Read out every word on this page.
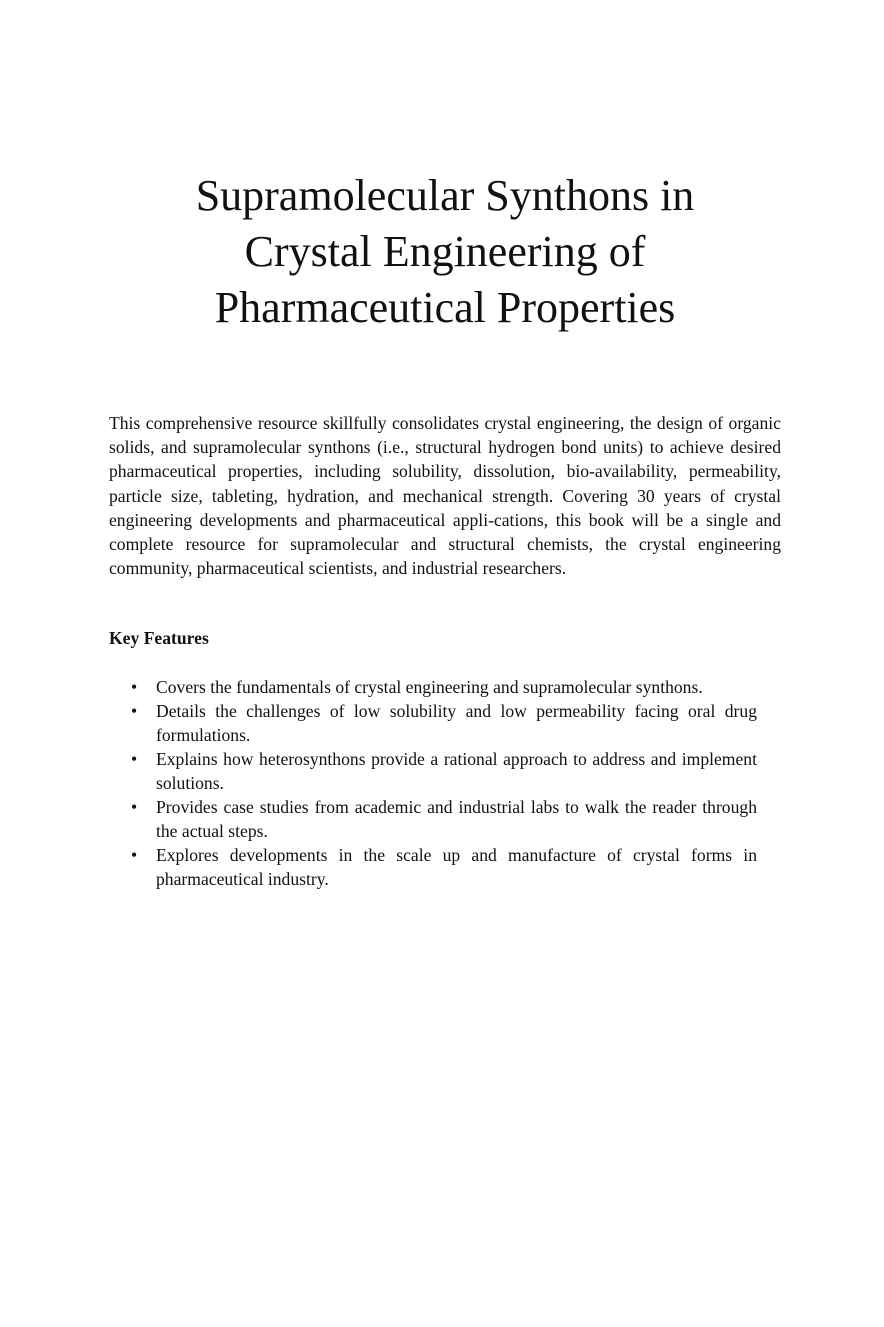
Supramolecular Synthons in
Crystal Engineering of
Pharmaceutical Properties

This comprehensive resource skillfully consolidates crystal engineering, the design of organic solids, and supramolecular synthons (i.e., structural hydrogen bond units) to achieve desired pharmaceutical properties, including solubility, dissolution, bio-availability, permeability, particle size, tableting, hydration, and mechanical strength. Covering 30 years of crystal engineering developments and pharmaceutical appli-cations, this book will be a single and complete resource for supramolecular and structural chemists, the crystal engineering community, pharmaceutical scientists, and industrial researchers.

Key Features
• Covers the fundamentals of crystal engineering and supramolecular synthons.
• Details the challenges of low solubility and low permeability facing oral drug formulations.
• Explains how heterosynthons provide a rational approach to address and implement solutions.
• Provides case studies from academic and industrial labs to walk the reader through the actual steps.
• Explores developments in the scale up and manufacture of crystal forms in pharmaceutical industry.
